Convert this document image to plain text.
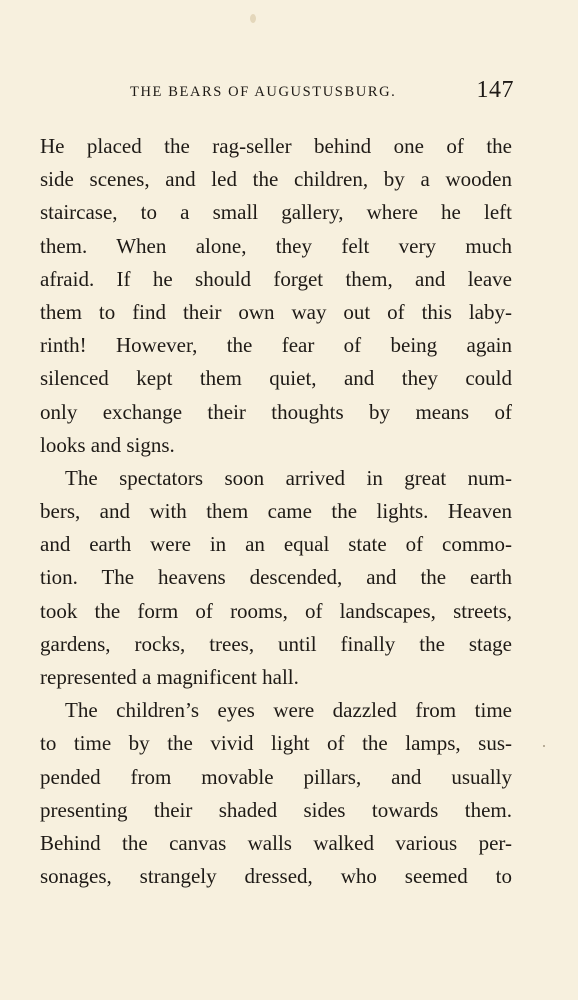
THE BEARS OF AUGUSTUSBURG.	147
He placed the rag-seller behind one of the
side scenes, and led the children, by a wooden
staircase, to a small gallery, where he left
them. When alone, they felt very much
afraid. If he should forget them, and leave
them to find their own way out of this laby-
rinth! However, the fear of being again
silenced kept them quiet, and they could
only exchange their thoughts by means of
looks and signs.
The spectators soon arrived in great num-
bers, and with them came the lights. Heaven
and earth were in an equal state of commo-
tion. The heavens descended, and the earth
took the form of rooms, of landscapes, streets,
gardens, rocks, trees, until finally the stage
represented a magnificent hall.
The children’s eyes were dazzled from time
to time by the vivid light of the lamps, sus-
pended from movable pillars, and usually
presenting their shaded sides towards them.
Behind the canvas walls walked various per-
sonages, strangely dressed, who seemed to
